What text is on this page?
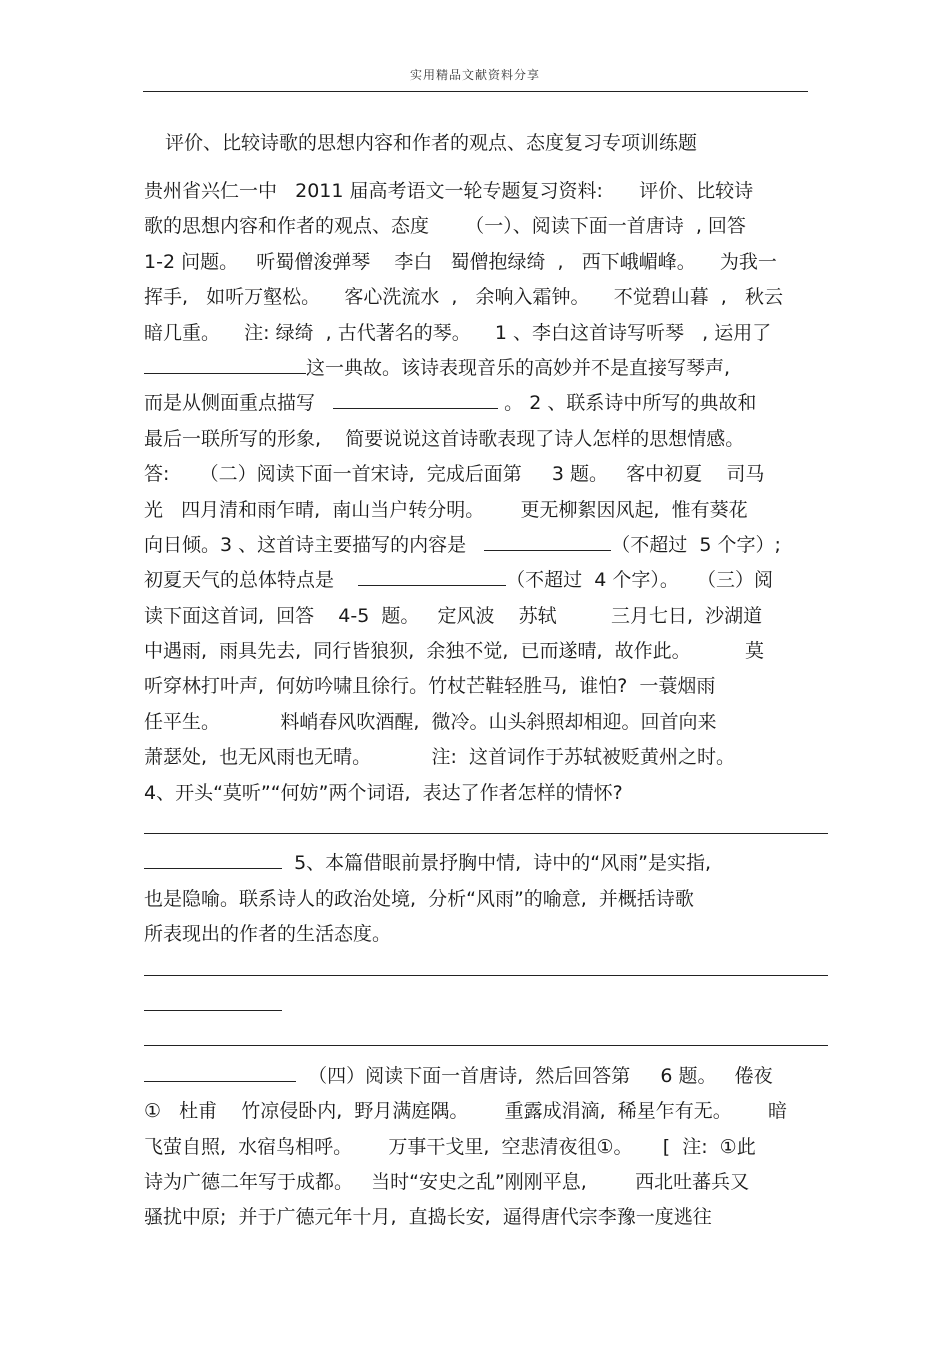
实用精品文献资料分享
评价、比较诗歌的思想内容和作者的观点、态度复习专项训练题
贵州省兴仁一中   2011 届高考语文一轮专题复习资料:      评价、比较诗
歌的思想内容和作者的观点、态度      （一）、阅读下面一首唐诗  , 回答
1-2 问题。   听蜀僧浚弹琴    李白   蜀僧抱绿绮  ,   西下峨嵋峰。    为我一
挥手,   如听万壑松。    客心洗流水  ,   余响入霜钟。    不觉碧山暮  ,   秋云
暗几重。    注: 绿绮  , 古代著名的琴。    1 、李白这首诗写听琴   , 运用了
这一典故。该诗表现音乐的高妙并不是直接写琴声,
而是从侧面重点描写	。 2 、联系诗中所写的典故和
最后一联所写的形象,    简要说说这首诗歌表现了诗人怎样的思想情感。
答:     （二）阅读下面一首宋诗,  完成后面第     3 题。   客中初夏    司马
光   四月清和雨乍晴,  南山当户转分明。      更无柳絮因风起,  惟有葵花
向日倾。3 、这首诗主要描写的内容是	（不超过  5 个字）;
初夏天气的总体特点是	（不超过  4 个字）。   （三）阅
读下面这首词,  回答    4-5  题。   定风波    苏轼         三月七日,  沙湖道
中遇雨,  雨具先去,  同行皆狼狈,  余独不觉,  已而遂晴,  故作此。         莫
听穿林打叶声,  何妨吟啸且徐行。竹杖芒鞋轻胜马,  谁怕?  一蓑烟雨
任平生。          料峭春风吹酒醒,  微冷。山头斜照却相迎。回首向来
萧瑟处,  也无风雨也无晴。          注:  这首词作于苏轼被贬黄州之时。
4、开头“莫听”“何妨”两个词语,  表达了作者怎样的情怀?
5、本篇借眼前景抒胸中情,  诗中的“风雨”是实指,
也是隐喻。联系诗人的政治处境,  分析“风雨”的喻意,  并概括诗歌
所表现出的作者的生活态度。
（四）阅读下面一首唐诗,  然后回答第     6 题。   倦夜
①   杜甫    竹凉侵卧内,  野月满庭隅。      重露成涓滴,  稀星乍有无。      暗
飞萤自照,  水宿鸟相呼。      万事干戈里,  空悲清夜徂①。     [  注:  ①此
诗为广德二年写于成都。   当时“安史之乱”刚刚平息,        西北吐蕃兵又
骚扰中原;  并于广德元年十月,  直捣长安,  逼得唐代宗李豫一度逃往
